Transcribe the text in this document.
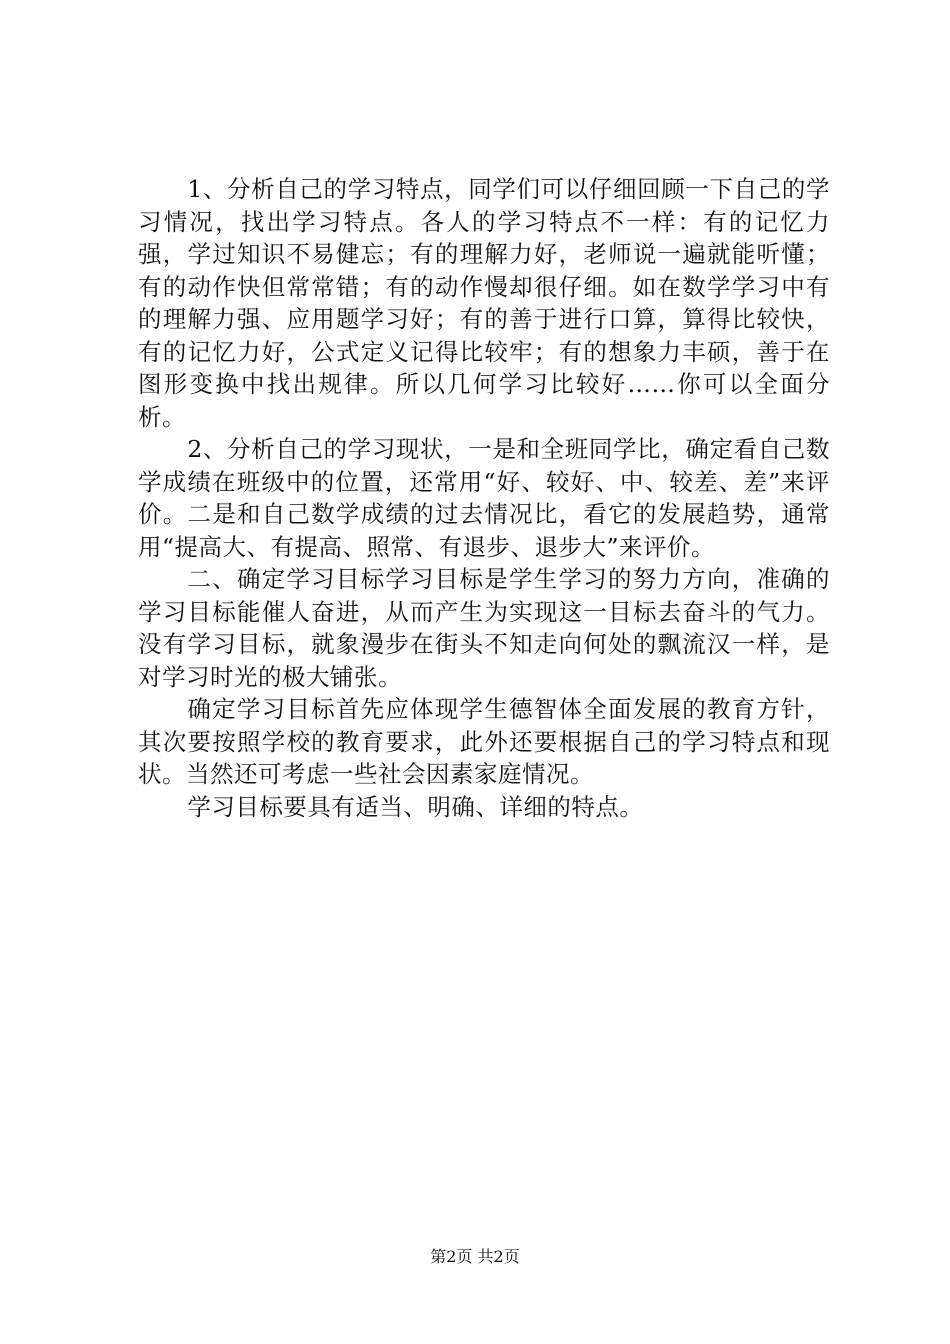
1、分析自己的学习特点，同学们可以仔细回顾一下自己的学习情况，找出学习特点。各人的学习特点不一样：有的记忆力强，学过知识不易健忘；有的理解力好，老师说一遍就能听懂；有的动作快但常常错；有的动作慢却很仔细。如在数学学习中有的理解力强、应用题学习好；有的善于进行口算，算得比较快，有的记忆力好，公式定义记得比较牢；有的想象力丰硕，善于在图形变换中找出规律。所以几何学习比较好……你可以全面分析。

2、分析自己的学习现状，一是和全班同学比，确定看自己数学成绩在班级中的位置，还常用“好、较好、中、较差、差”来评价。二是和自己数学成绩的过去情况比，看它的发展趋势，通常用“提高大、有提高、照常、有退步、退步大”来评价。

二、确定学习目标学习目标是学生学习的努力方向，准确的学习目标能催人奋进，从而产生为实现这一目标去奋斗的气力。没有学习目标，就象漫步在街头不知走向何处的飘流汉一样，是对学习时光的极大铺张。

确定学习目标首先应体现学生德智体全面发展的教育方针，其次要按照学校的教育要求，此外还要根据自己的学习特点和现状。当然还可考虑一些社会因素家庭情况。

学习目标要具有适当、明确、详细的特点。

第2页 共2页
